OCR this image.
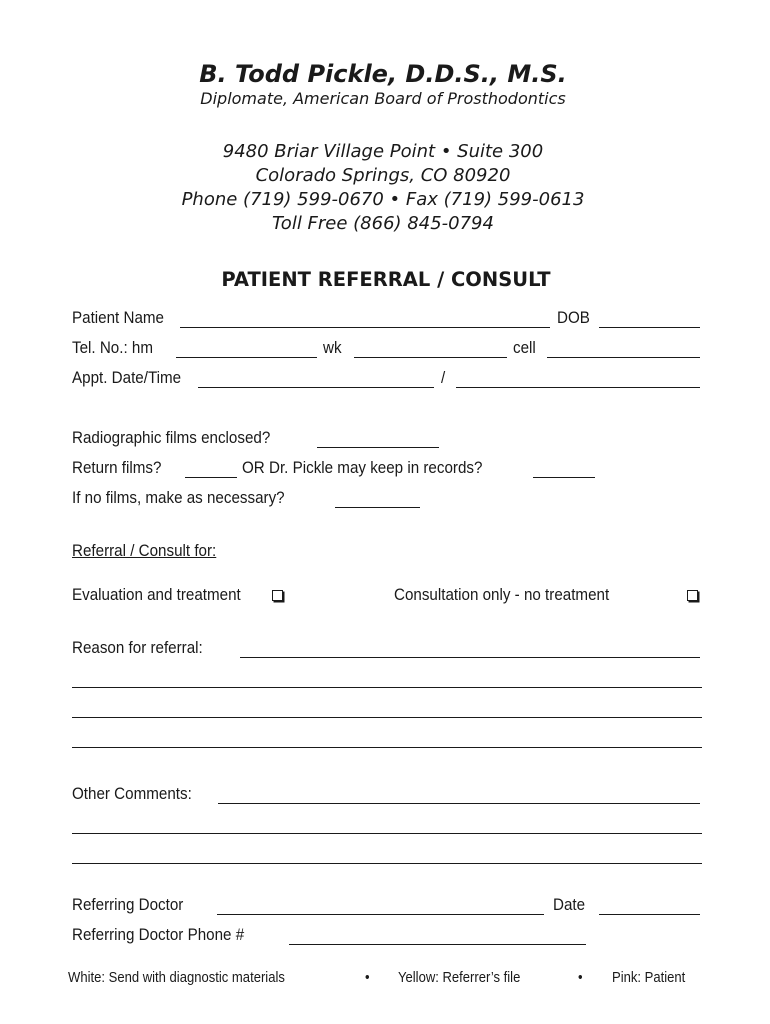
B. Todd Pickle, D.D.S., M.S.
Diplomate, American Board of Prosthodontics
9480 Briar Village Point • Suite 300
Colorado Springs, CO 80920
Phone (719) 599-0670 • Fax (719) 599-0613
Toll Free (866) 845-0794
PATIENT REFERRAL / CONSULT
Patient Name	DOB
Tel. No.: hm	wk	cell
Appt. Date/Time	/
Radiographic films enclosed?
Return films?	OR Dr. Pickle may keep in records?
If no films, make as necessary?
Referral / Consult for:
Evaluation and treatment	Consultation only - no treatment
Reason for referral:
Other Comments:
Referring Doctor	Date
Referring Doctor Phone #
White: Send with diagnostic materials	• Yellow: Referrer’s file	• Pink: Patient
